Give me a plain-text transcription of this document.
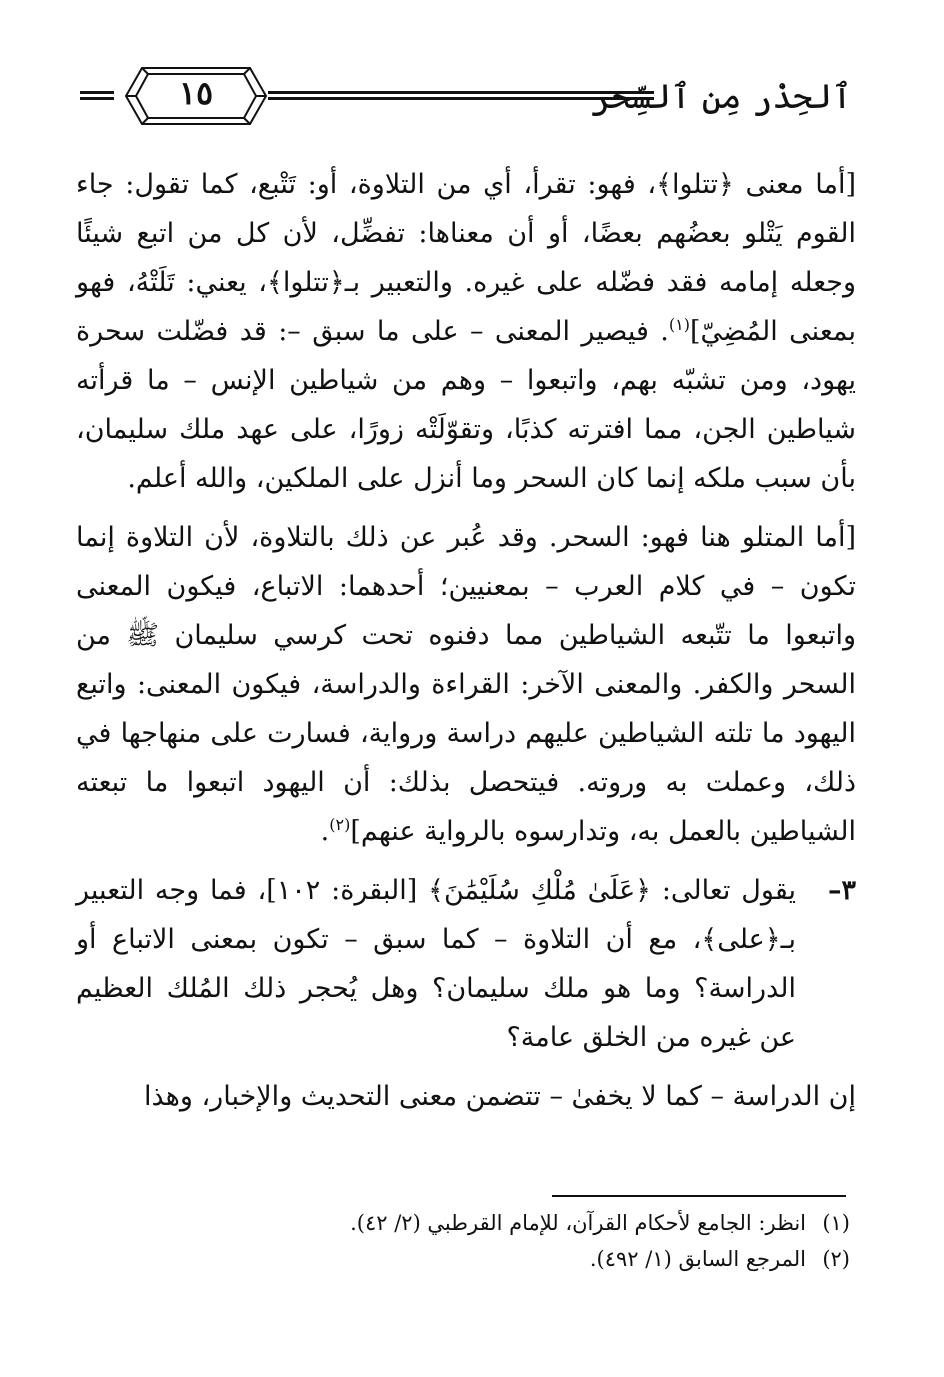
ٱلحِذْر مِن ٱلسِّحر
١٥

[أما معنى ﴿تتلوا﴾، فهو: تقرأ، أي من التلاوة، أو: تَتْبع، كما تقول: جاء القوم يَتْلو بعضُهم بعضًا، أو أن معناها: تفضِّل، لأن كل من اتبع شيئًا وجعله إمامه فقد فضّله على غيره. والتعبير بـ﴿تتلوا﴾، يعني: تَلَتْهُ، فهو بمعنى المُضِيّ]$^{(١)}$. فيصير المعنى – على ما سبق –: قد فضّلت سحرة يهود، ومن تشبّه بهم، واتبعوا – وهم من شياطين الإنس – ما قرأته شياطين الجن، مما افترته كذبًا، وتقوّلَتْه زورًا، على عهد ملك سليمان، بأن سبب ملكه إنما كان السحر وما أنزل على الملكين، والله أعلم.

[أما المتلو هنا فهو: السحر. وقد عُبر عن ذلك بالتلاوة، لأن التلاوة إنما تكون – في كلام العرب – بمعنيين؛ أحدهما: الاتباع، فيكون المعنى واتبعوا ما تتّبعه الشياطين مما دفنوه تحت كرسي سليمان ﷺ من السحر والكفر. والمعنى الآخر: القراءة والدراسة، فيكون المعنى: واتبع اليهود ما تلته الشياطين عليهم دراسة ورواية، فسارت على منهاجها في ذلك، وعملت به وروته. فيتحصل بذلك: أن اليهود اتبعوا ما تبعته الشياطين بالعمل به، وتدارسوه بالرواية عنهم]$^{(٢)}$.

٣–
يقول تعالى: ﴿عَلَىٰ مُلْكِ سُلَيْمَٰنَ﴾ [البقرة: ١٠٢]، فما وجه التعبير بـ﴿على﴾، مع أن التلاوة – كما سبق – تكون بمعنى الاتباع أو الدراسة؟ وما هو ملك سليمان؟ وهل يُحجر ذلك المُلك العظيم عن غيره من الخلق عامة؟

إن الدراسة – كما لا يخفىٰ – تتضمن معنى التحديث والإخبار، وهذا

(١)انظر: الجامع لأحكام القرآن، للإمام القرطبي (٢/ ٤٢).
(٢)المرجع السابق (١/ ٤٩٢).
